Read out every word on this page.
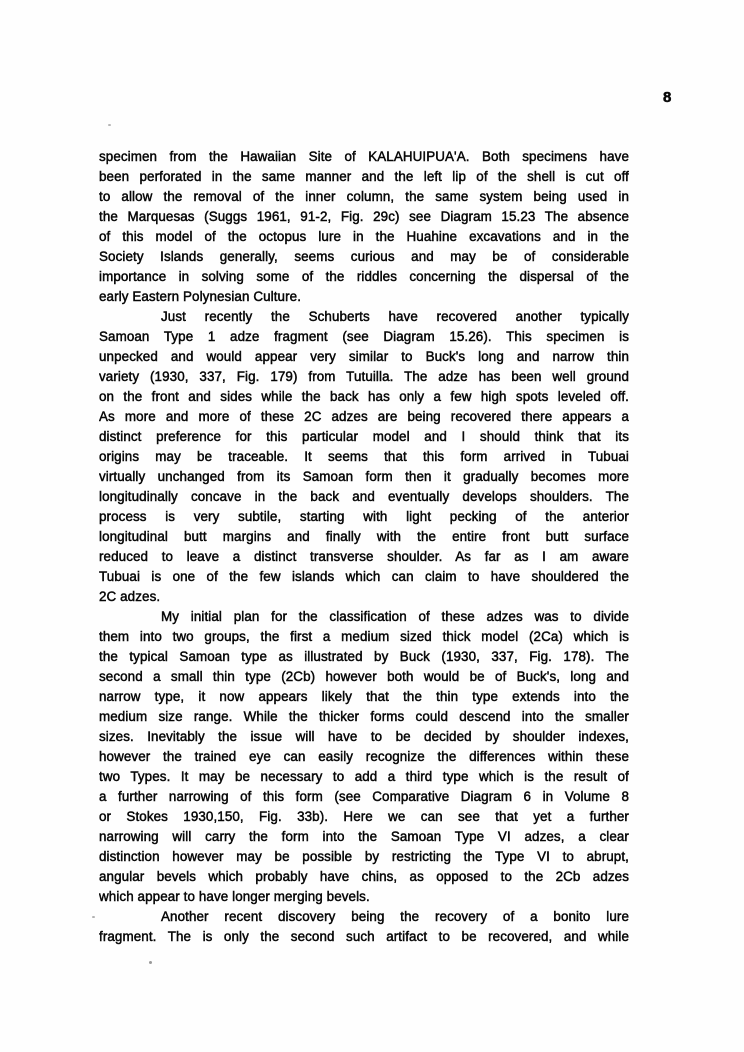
8
specimen from the Hawaiian Site of KALAHUIPUA'A. Both specimens have
been perforated in the same manner and the left lip of the shell is cut off
to allow the removal of the inner column, the same system being used in
the Marquesas (Suggs 1961, 91-2, Fig. 29c) see Diagram 15.23 The absence
of this model of the octopus lure in the Huahine excavations and in the
Society Islands generally, seems curious and may be of considerable
importance in solving some of the riddles concerning the dispersal of the
early Eastern Polynesian Culture.
Just recently the Schuberts have recovered another typically
Samoan Type 1 adze fragment (see Diagram 15.26). This specimen is
unpecked and would appear very similar to Buck's long and narrow thin
variety (1930, 337, Fig. 179) from Tutuilla. The adze has been well ground
on the front and sides while the back has only a few high spots leveled off.
As more and more of these 2C adzes are being recovered there appears a
distinct preference for this particular model and I should think that its
origins may be traceable. It seems that this form arrived in Tubuai
virtually unchanged from its Samoan form then it gradually becomes more
longitudinally concave in the back and eventually develops shoulders. The
process is very subtile, starting with light pecking of the anterior
longitudinal butt margins and finally with the entire front butt surface
reduced to leave a distinct transverse shoulder. As far as I am aware
Tubuai is one of the few islands which can claim to have shouldered the
2C adzes.
My initial plan for the classification of these adzes was to divide
them into two groups, the first a medium sized thick model (2Ca) which is
the typical Samoan type as illustrated by Buck (1930, 337, Fig. 178). The
second a small thin type (2Cb) however both would be of Buck's, long and
narrow type, it now appears likely that the thin type extends into the
medium size range. While the thicker forms could descend into the smaller
sizes. Inevitably the issue will have to be decided by shoulder indexes,
however the trained eye can easily recognize the differences within these
two Types. It may be necessary to add a third type which is the result of
a further narrowing of this form (see Comparative Diagram 6 in Volume 8
or Stokes 1930,150, Fig. 33b). Here we can see that yet a further
narrowing will carry the form into the Samoan Type VI adzes, a clear
distinction however may be possible by restricting the Type VI to abrupt,
angular bevels which probably have chins, as opposed to the 2Cb adzes
which appear to have longer merging bevels.
Another recent discovery being the recovery of a bonito lure
fragment. The is only the second such artifact to be recovered, and while
